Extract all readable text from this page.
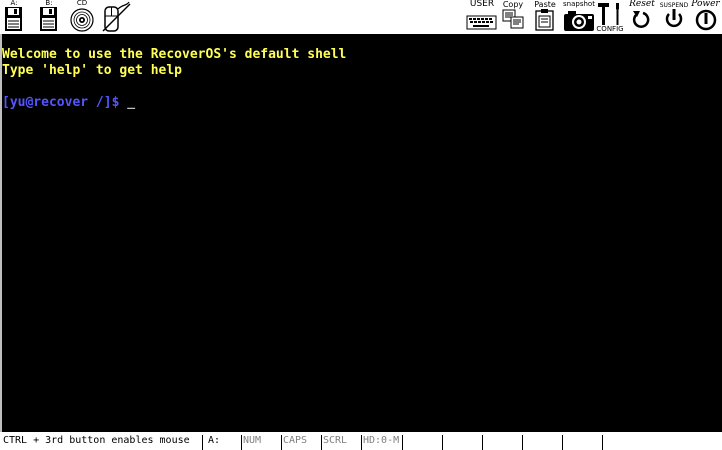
A:	B:	CD	USER	Copy	Paste	snapshot
CONFIG
Reset SUSPEND Power
Welcome to use the RecoverOS's default shell
Type 'help' to get help
[yu@recover /]$ _
CTRL + 3rd button enables mouse	A:	NUM	CAPS	SCRL	HD:0-M
